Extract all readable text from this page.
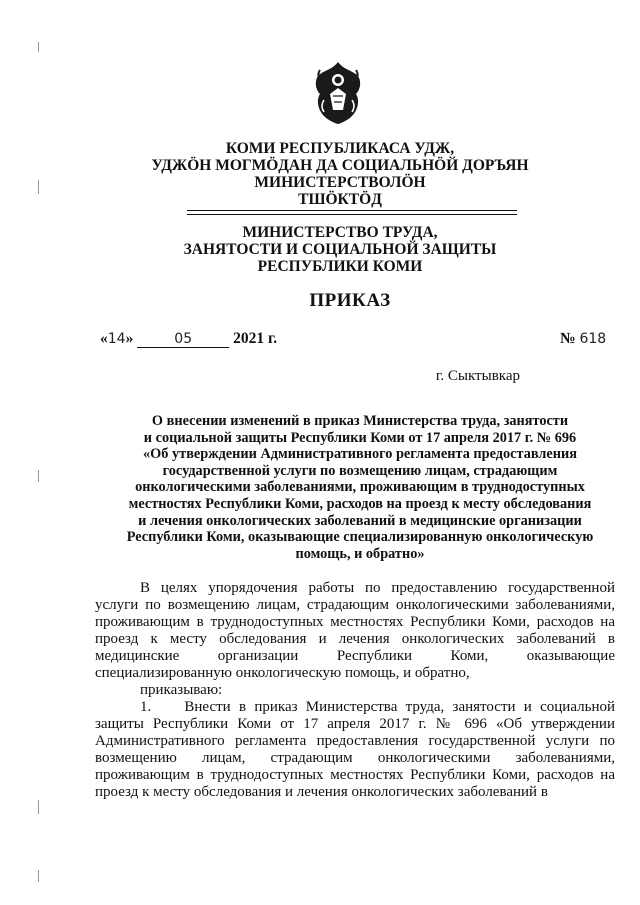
КОМИ РЕСПУБЛИКАСА УДЖ,
УДЖӦН МОГМӦДАН ДА СОЦИАЛЬНӦЙ ДОРЪЯН
МИНИСТЕРСТВОЛӦН
ТШӦКТӦД
МИНИСТЕРСТВО ТРУДА,
ЗАНЯТОСТИ И СОЦИАЛЬНОЙ ЗАЩИТЫ
РЕСПУБЛИКИ КОМИ
ПРИКАЗ
«14»	05	2021 г.	№ 618
г. Сыктывкар
О внесении изменений в приказ Министерства труда, занятости
и социальной защиты Республики Коми от 17 апреля 2017 г. № 696
«Об утверждении Административного регламента предоставления
государственной услуги по возмещению лицам, страдающим
онкологическими заболеваниями, проживающим в труднодоступных
местностях Республики Коми, расходов на проезд к месту обследования
и лечения онкологических заболеваний в медицинские организации
Республики Коми, оказывающие специализированную онкологическую
помощь, и обратно»

В целях упорядочения работы по предоставлению государственной услуги по возмещению лицам, страдающим онкологическими заболеваниями, проживающим в труднодоступных местностях Республики Коми, расходов на проезд к месту обследования и лечения онкологических заболеваний в медицинские организации Республики Коми, оказывающие специализированную онкологическую помощь, и обратно,

приказываю:

1.    Внести в приказ Министерства труда, занятости и социальной защиты Республики Коми от 17 апреля 2017 г. № 696 «Об утверждении Административного регламента предоставления государственной услуги по возмещению лицам, страдающим онкологическими заболеваниями, проживающим в труднодоступных местностях Республики Коми, расходов на проезд к месту обследования и лечения онкологических заболеваний в
